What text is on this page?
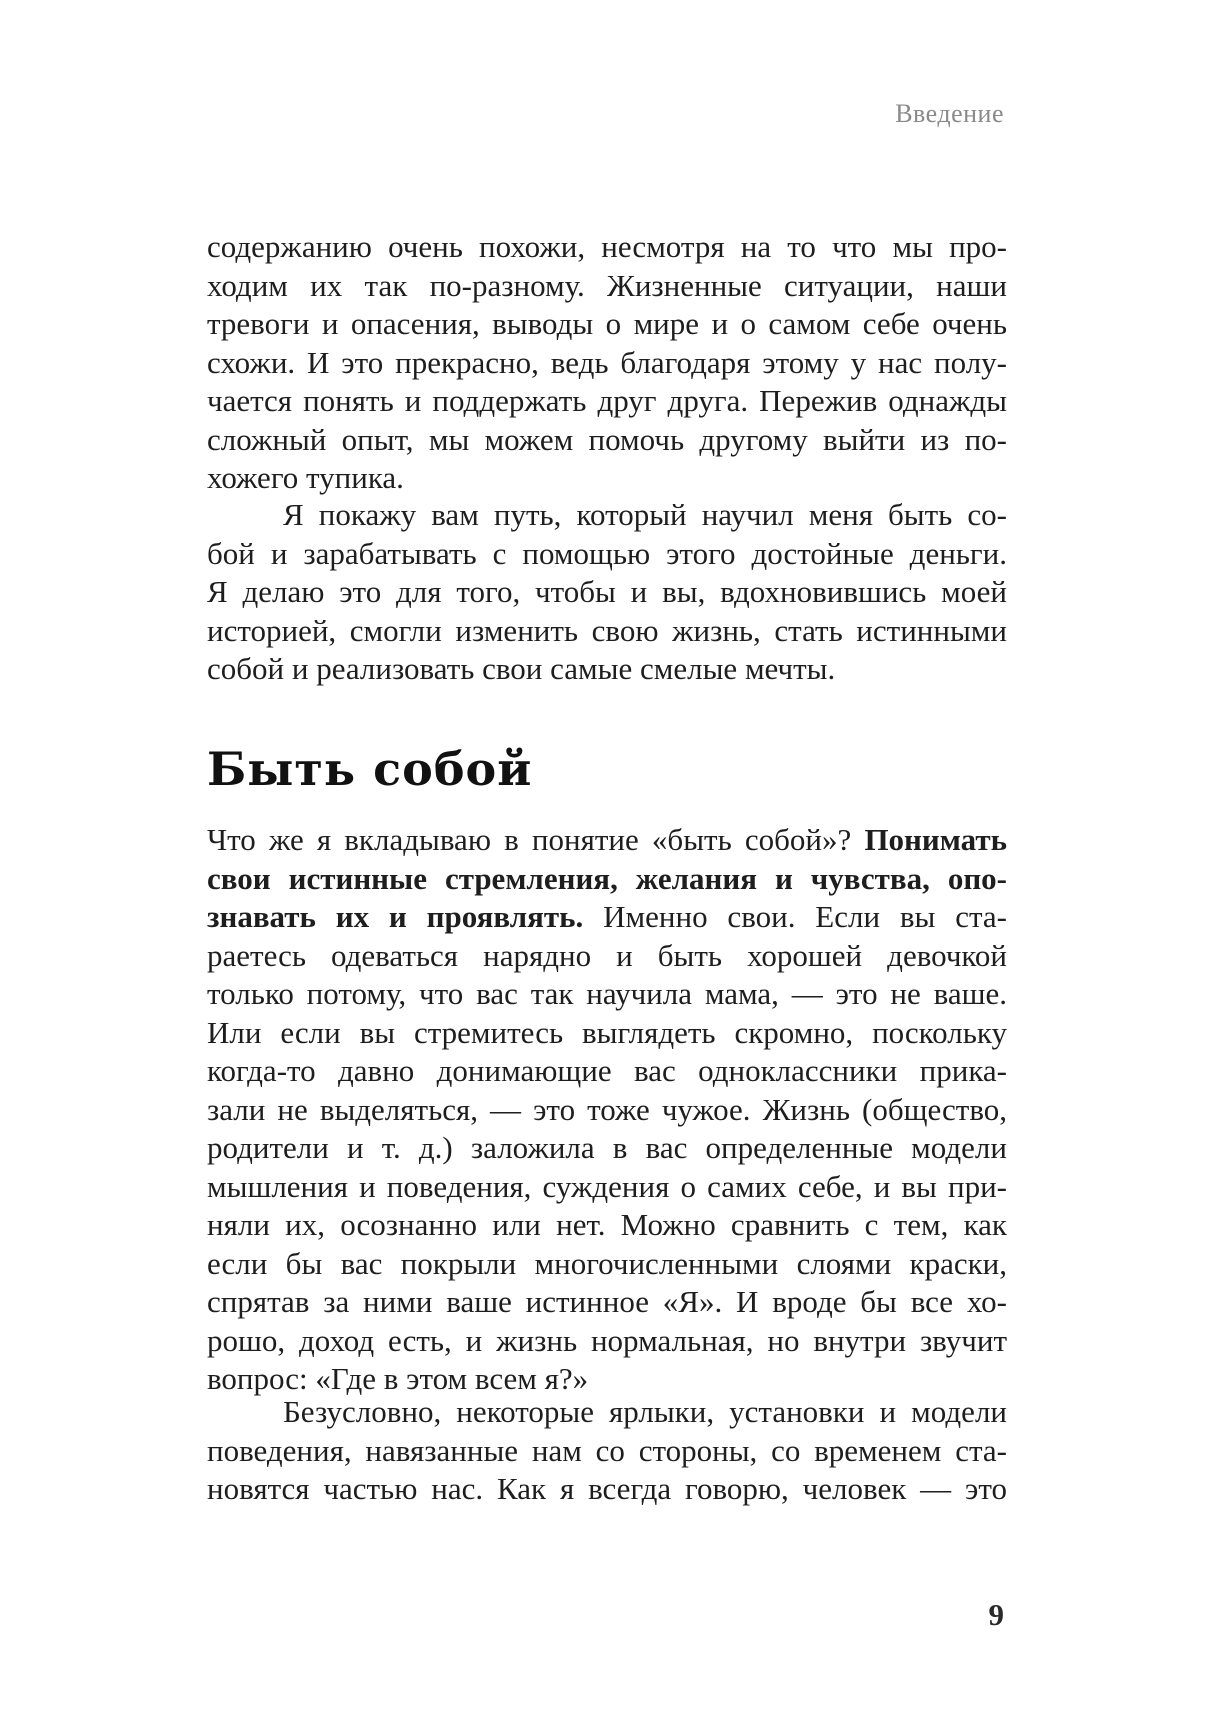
Введение
содержанию очень похожи, несмотря на то что мы про-
ходим их так по-разному. Жизненные ситуации, наши
тревоги и опасения, выводы о мире и о самом себе очень
схожи. И это прекрасно, ведь благодаря этому у нас полу-
чается понять и поддержать друг друга. Пережив однажды
сложный опыт, мы можем помочь другому выйти из по-
хожего тупика.
Я покажу вам путь, который научил меня быть со-
бой и зарабатывать с помощью этого достойные деньги.
Я делаю это для того, чтобы и вы, вдохновившись моей
историей, смогли изменить свою жизнь, стать истинными
собой и реализовать свои самые смелые мечты.
Быть собой
Что же я вкладываю в понятие «быть собой»? Понимать
свои истинные стремления, желания и чувства, опо-
знавать их и проявлять. Именно свои. Если вы ста-
раетесь одеваться нарядно и быть хорошей девочкой
только потому, что вас так научила мама, — это не ваше.
Или если вы стремитесь выглядеть скромно, поскольку
когда-то давно донимающие вас одноклассники прика-
зали не выделяться, — это тоже чужое. Жизнь (общество,
родители и т. д.) заложила в вас определенные модели
мышления и поведения, суждения о самих себе, и вы при-
няли их, осознанно или нет. Можно сравнить с тем, как
если бы вас покрыли многочисленными слоями краски,
спрятав за ними ваше истинное «Я». И вроде бы все хо-
рошо, доход есть, и жизнь нормальная, но внутри звучит
вопрос: «Где в этом всем я?»
Безусловно, некоторые ярлыки, установки и модели
поведения, навязанные нам со стороны, со временем ста-
новятся частью нас. Как я всегда говорю, человек — это
9
